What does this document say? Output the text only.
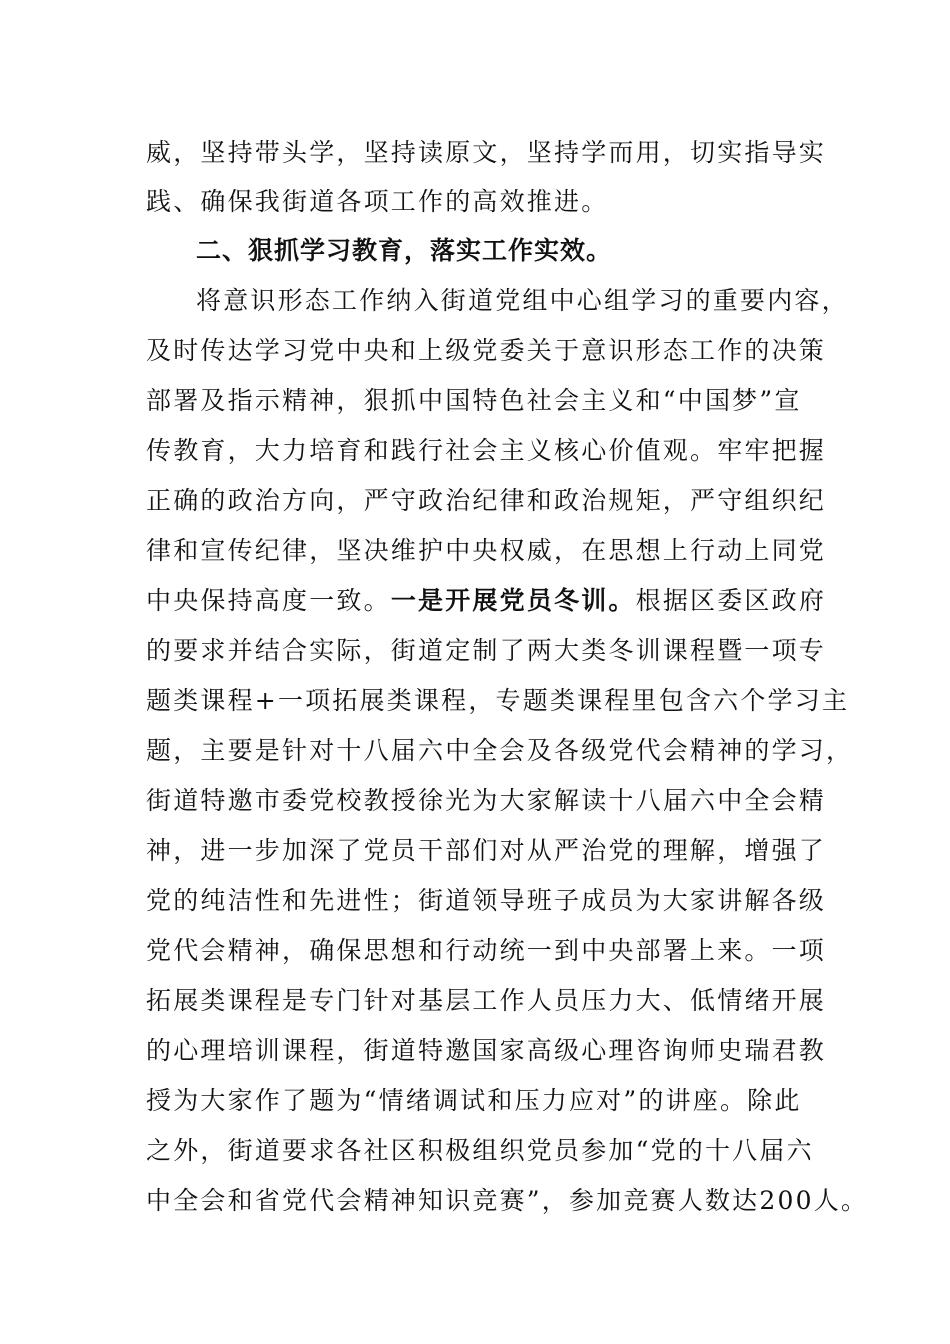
威，坚持带头学，坚持读原文，坚持学而用，切实指导实
践、确保我街道各项工作的高效推进。
二、狠抓学习教育，落实工作实效。
将意识形态工作纳入街道党组中心组学习的重要内容，
及时传达学习党中央和上级党委关于意识形态工作的决策
部署及指示精神，狠抓中国特色社会主义和“中国梦”宣
传教育，大力培育和践行社会主义核心价值观。牢牢把握
正确的政治方向，严守政治纪律和政治规矩，严守组织纪
律和宣传纪律，坚决维护中央权威，在思想上行动上同党
中央保持高度一致。一是开展党员冬训。根据区委区政府
的要求并结合实际，街道定制了两大类冬训课程暨一项专
题类课程+一项拓展类课程，专题类课程里包含六个学习主
题，主要是针对十八届六中全会及各级党代会精神的学习，
街道特邀市委党校教授徐光为大家解读十八届六中全会精
神，进一步加深了党员干部们对从严治党的理解，增强了
党的纯洁性和先进性；街道领导班子成员为大家讲解各级
党代会精神，确保思想和行动统一到中央部署上来。一项
拓展类课程是专门针对基层工作人员压力大、低情绪开展
的心理培训课程，街道特邀国家高级心理咨询师史瑞君教
授为大家作了题为“情绪调试和压力应对”的讲座。除此
之外，街道要求各社区积极组织党员参加“党的十八届六
中全会和省党代会精神知识竞赛”，参加竞赛人数达200人。
